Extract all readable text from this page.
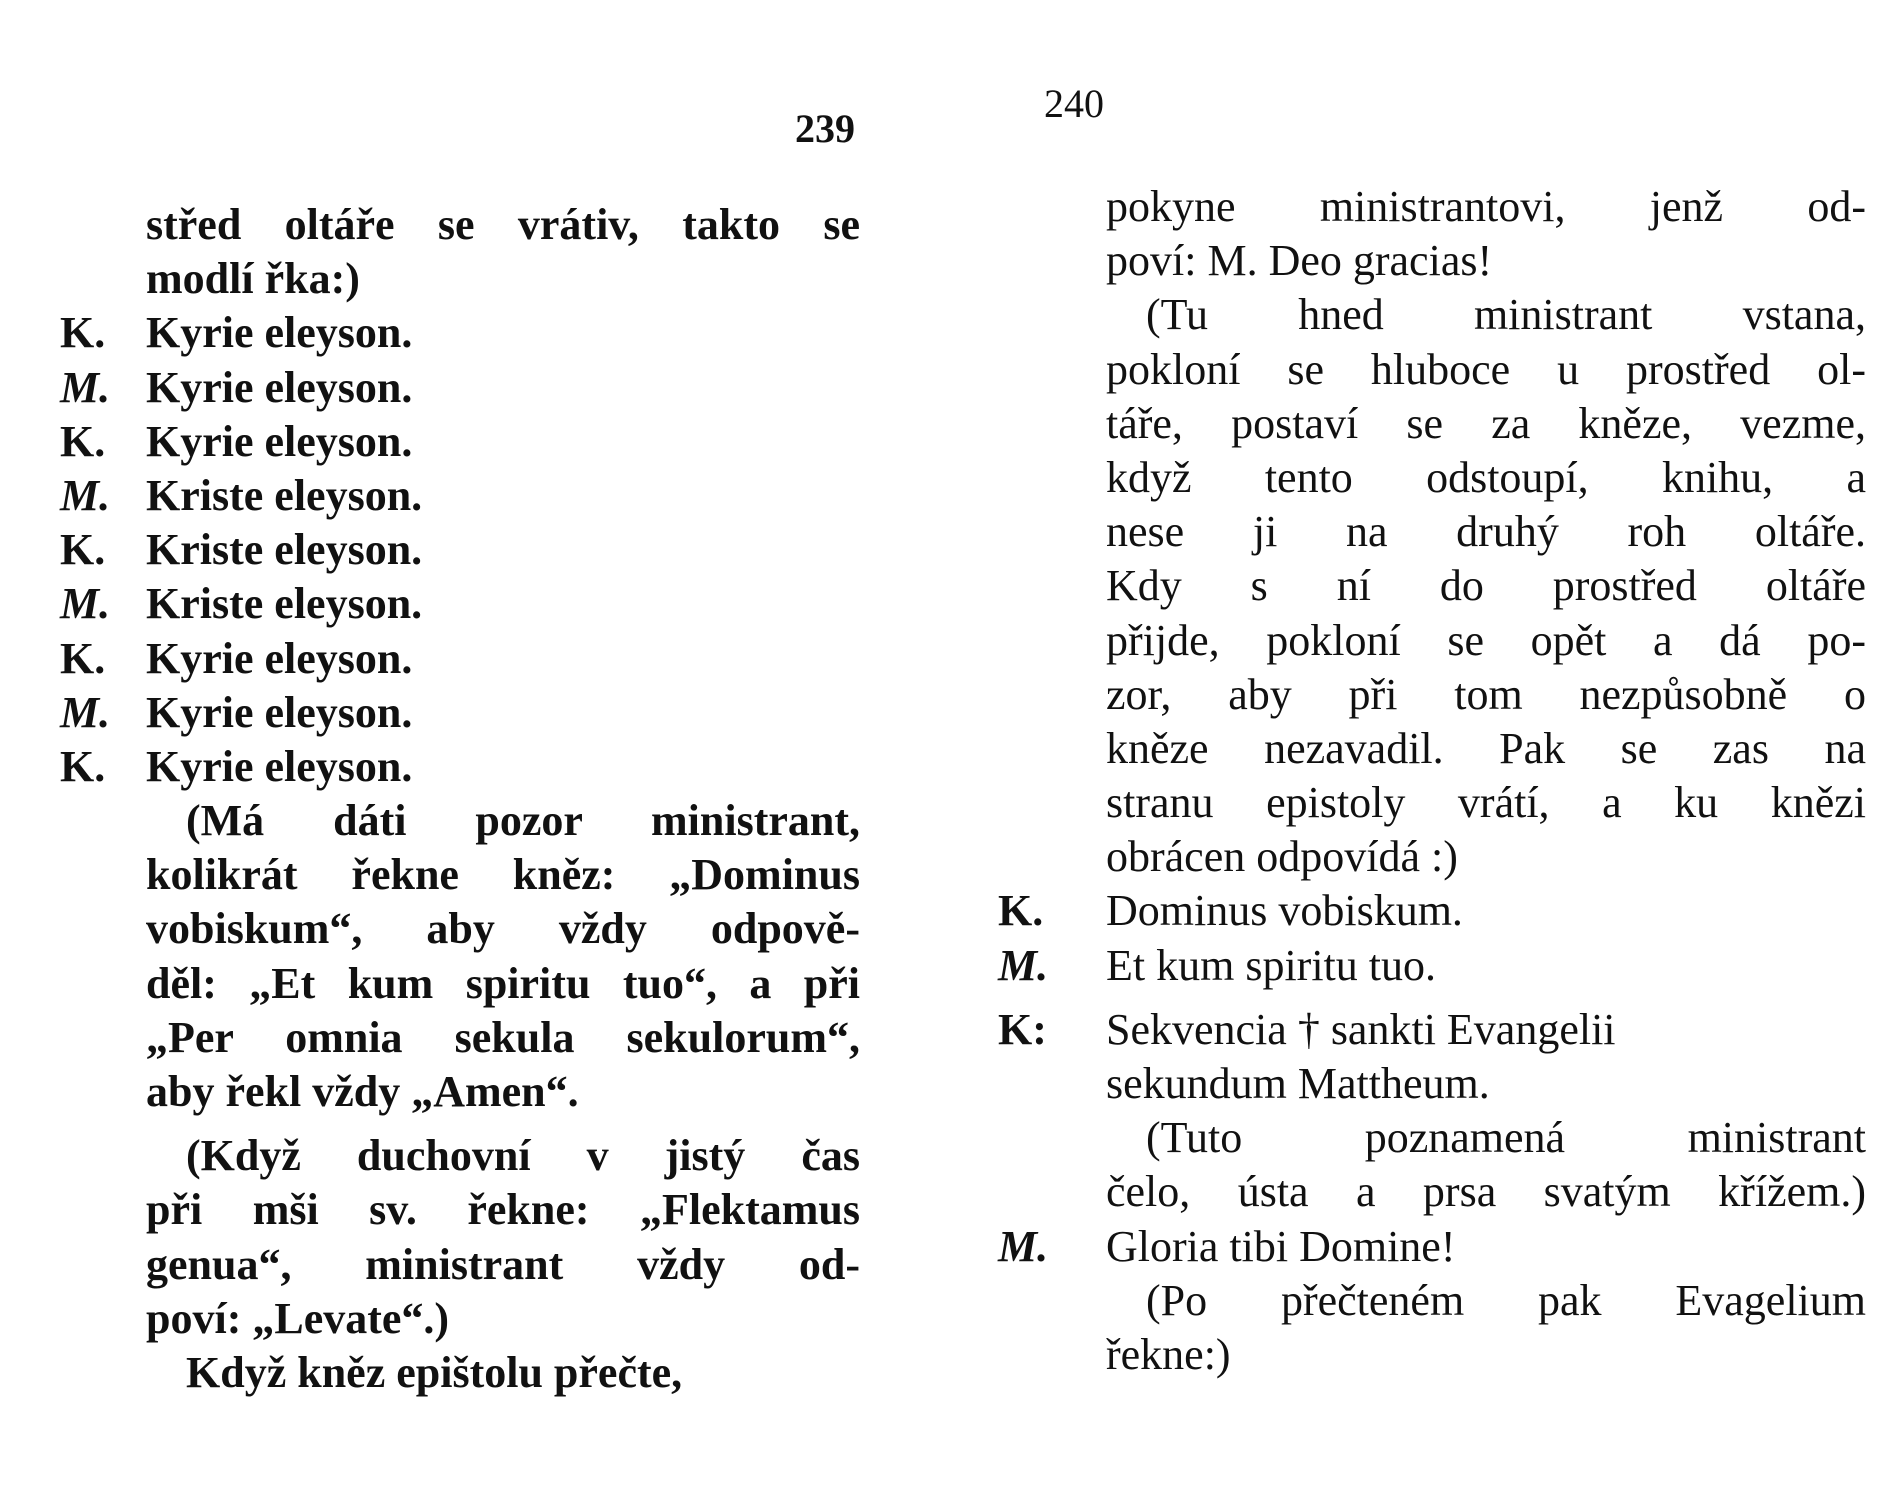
239
střed oltáře se vrátiv, takto se
modlí řka:)
K. Kyrie eleyson.
M. Kyrie eleyson.
K. Kyrie eleyson.
M. Kriste eleyson.
K. Kriste eleyson.
M. Kriste eleyson.
K. Kyrie eleyson.
M. Kyrie eleyson.
K. Kyrie eleyson.
(Má dáti pozor ministrant,
kolikrát řekne kněz: „Dominus
vobiskum“, aby vždy odpově-
děl: „Et kum spiritu tuo“, a při
„Per omnia sekula sekulorum“,
aby řekl vždy „Amen“.
(Když duchovní v jistý čas
při mši sv. řekne: „Flektamus
genua“, ministrant vždy od-
poví: „Levate“.)
Když kněz epištolu přečte,
240
pokyne ministrantovi, jenž od-
poví: M. Deo gracias!
(Tu hned ministrant vstana,
pokloní se hluboce u prostřed ol-
táře, postaví se za kněze, vezme,
když tento odstoupí, knihu, a
nese ji na druhý roh oltáře.
Kdy s ní do prostřed oltáře
přijde, pokloní se opět a dá po-
zor, aby při tom nezpůsobně o
kněze nezavadil. Pak se zas na
stranu epistoly vrátí, a ku knězi
obrácen odpovídá :)
K. Dominus vobiskum.
M. Et kum spiritu tuo.
K: Sekvencia † sankti Evangelii
sekundum Mattheum.
(Tuto poznamená ministrant
čelo, ústa a prsa svatým křížem.)
M. Gloria tibi Domine!
(Po přečteném pak Evagelium
řekne:)
